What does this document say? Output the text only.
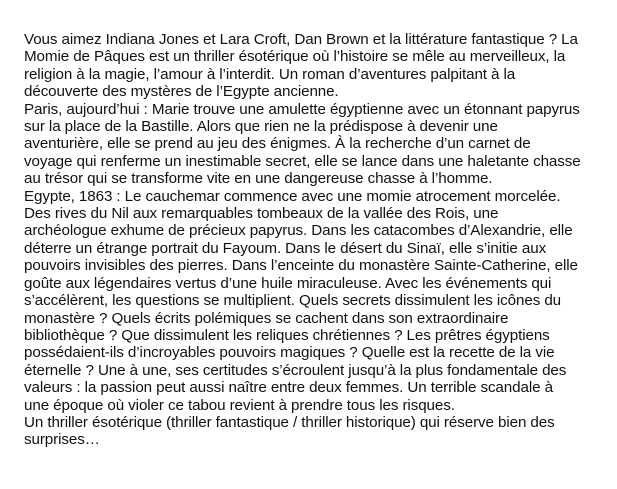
Vous aimez Indiana Jones et Lara Croft, Dan Brown et la littérature fantastique ? La

Momie de Pâques est un thriller ésotérique où l’histoire se mêle au merveilleux, la

religion à la magie, l’amour à l’interdit. Un roman d’aventures palpitant à la

découverte des mystères de l’Egypte ancienne.

Paris, aujourd’hui : Marie trouve une amulette égyptienne avec un étonnant papyrus

sur la place de la Bastille. Alors que rien ne la prédispose à devenir une

aventurière, elle se prend au jeu des énigmes. À la recherche d’un carnet de

voyage qui renferme un inestimable secret, elle se lance dans une haletante chasse

au trésor qui se transforme vite en une dangereuse chasse à l’homme.

Egypte, 1863 : Le cauchemar commence avec une momie atrocement morcelée.

Des rives du Nil aux remarquables tombeaux de la vallée des Rois, une

archéologue exhume de précieux papyrus. Dans les catacombes d’Alexandrie, elle

déterre un étrange portrait du Fayoum. Dans le désert du Sinaï, elle s’initie aux

pouvoirs invisibles des pierres. Dans l’enceinte du monastère Sainte-Catherine, elle

goûte aux légendaires vertus d’une huile miraculeuse. Avec les événements qui

s’accélèrent, les questions se multiplient. Quels secrets dissimulent les icônes du

monastère ? Quels écrits polémiques se cachent dans son extraordinaire

bibliothèque ? Que dissimulent les reliques chrétiennes ? Les prêtres égyptiens

possédaient-ils d’incroyables pouvoirs magiques ? Quelle est la recette de la vie

éternelle ? Une à une, ses certitudes s’écroulent jusqu’à la plus fondamentale des

valeurs : la passion peut aussi naître entre deux femmes. Un terrible scandale à

une époque où violer ce tabou revient à prendre tous les risques.

Un thriller ésotérique (thriller fantastique / thriller historique) qui réserve bien des

surprises…
